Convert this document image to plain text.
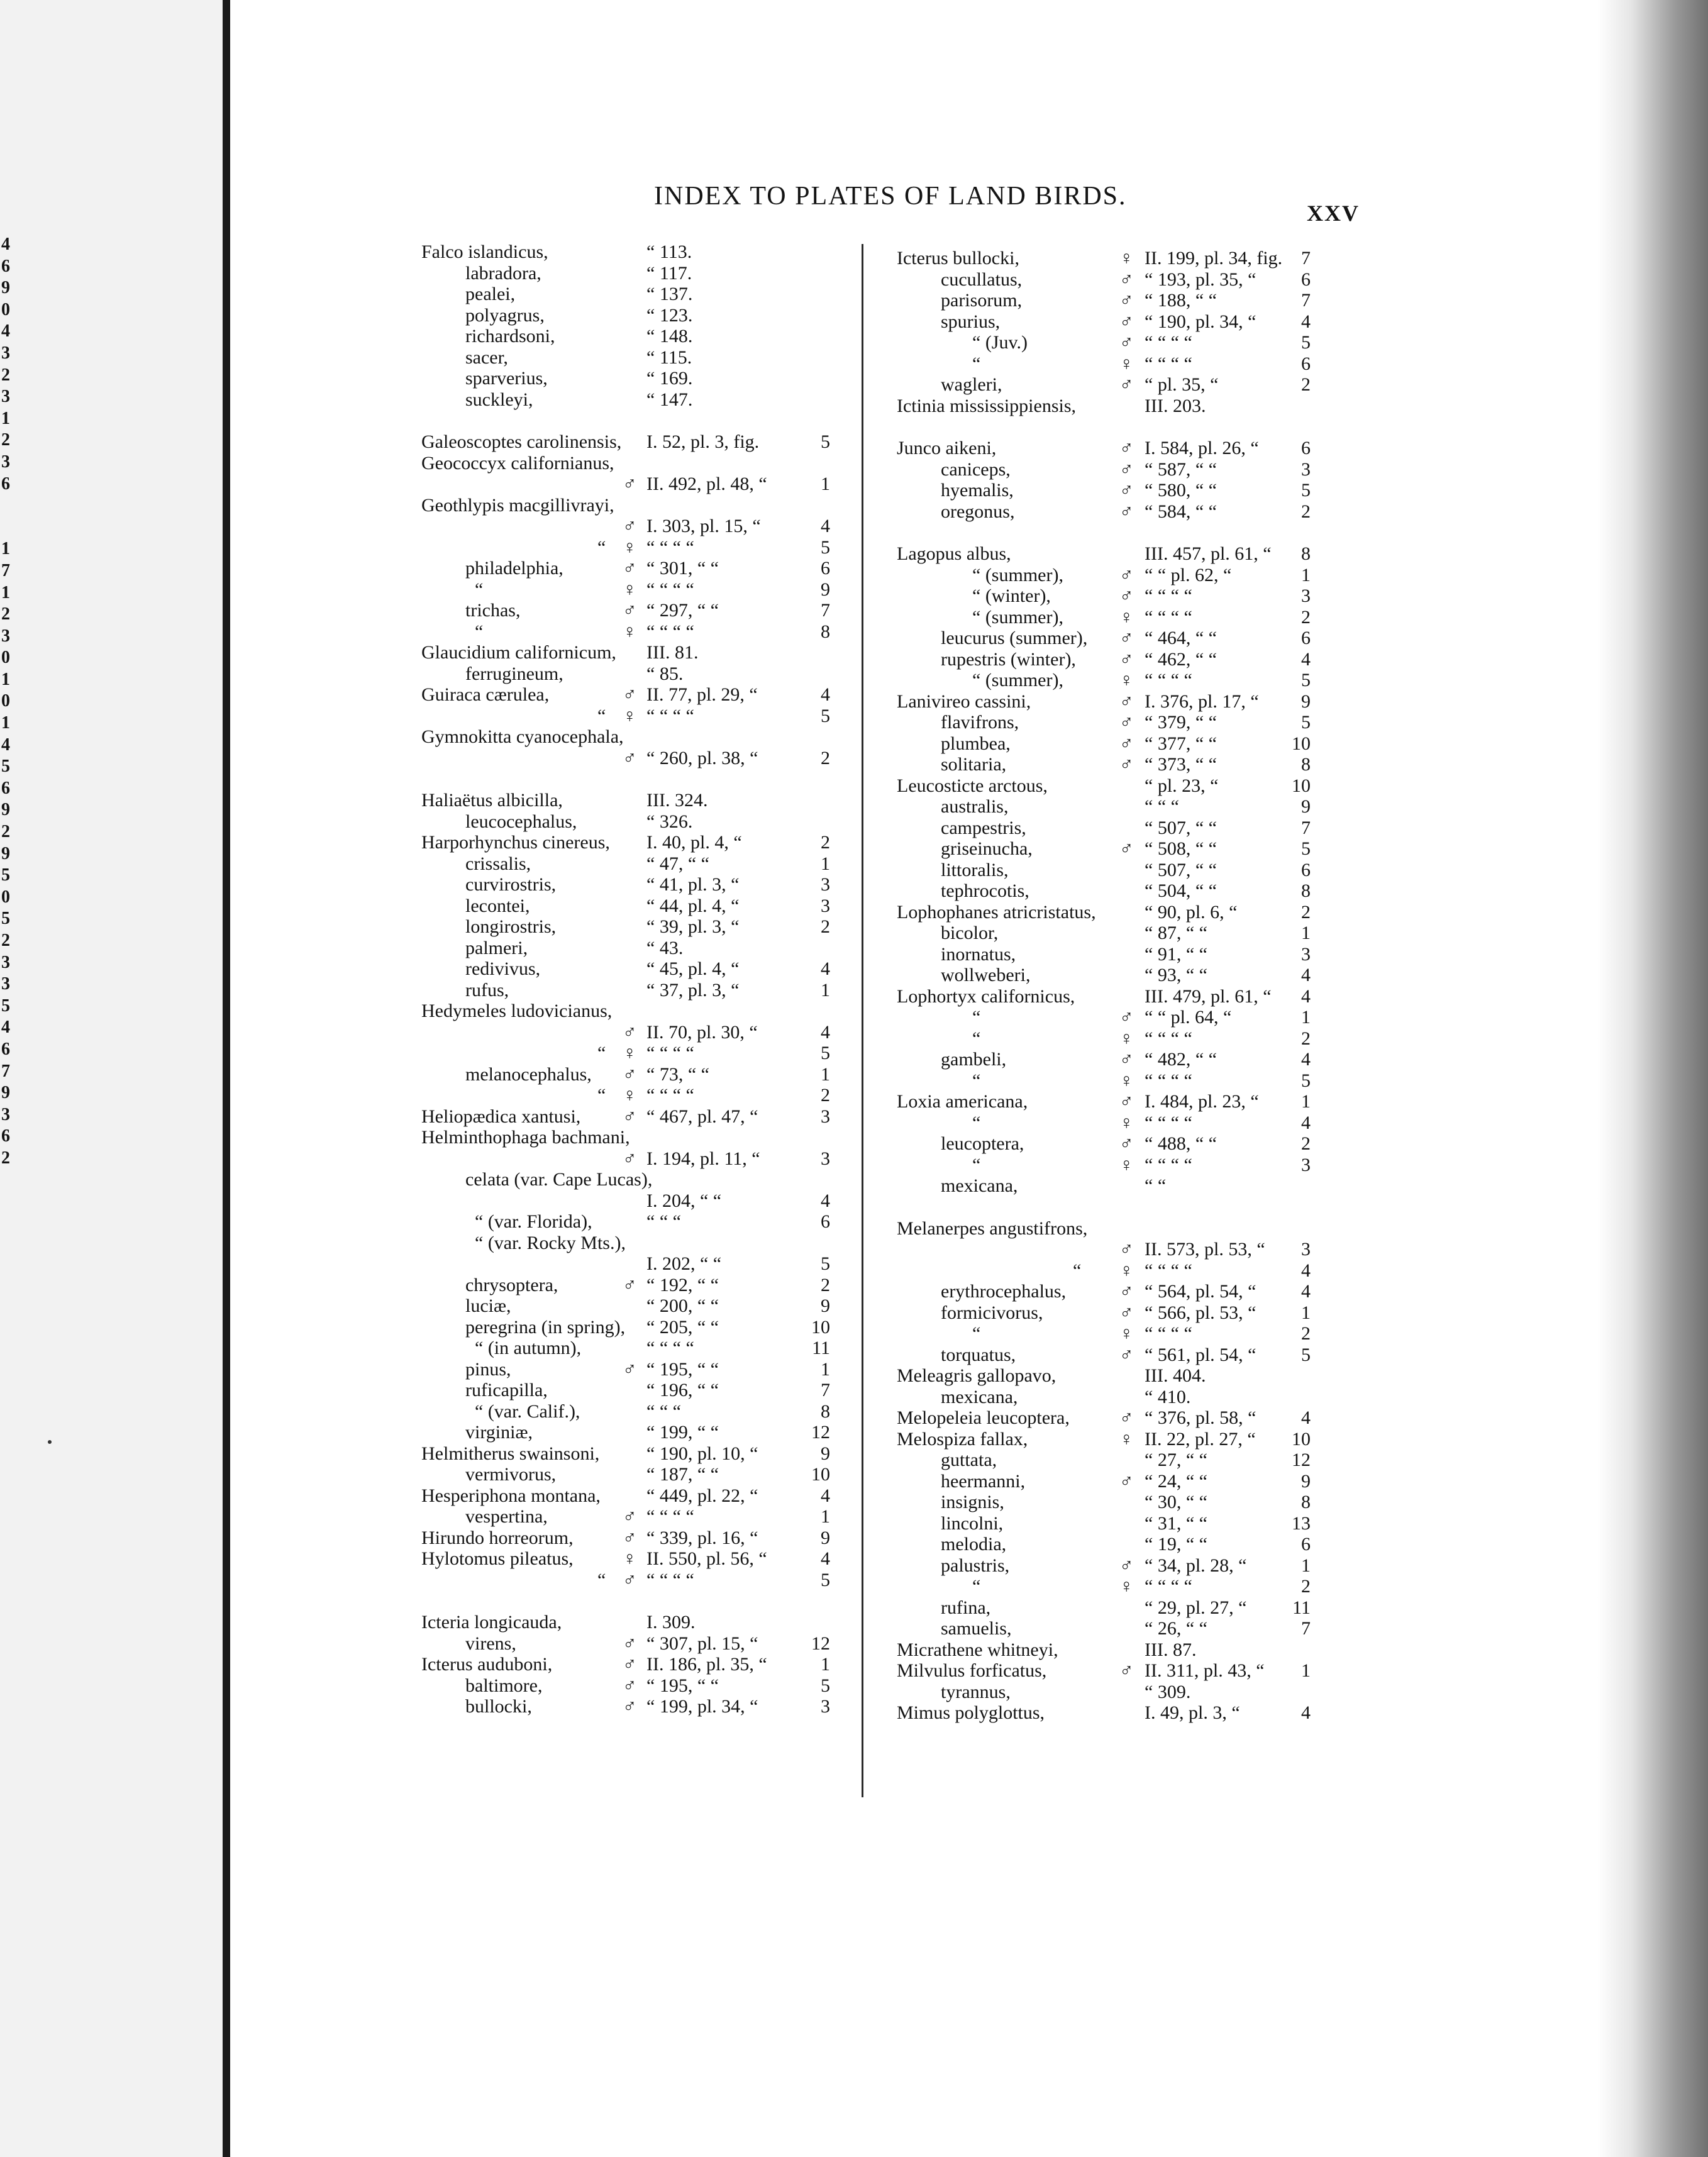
4
6
9
0
4
3
2
3
1
2
3
6
1
7
1
2
3
0
1
0
1
4
5
6
9
2
9
5
0
5
2
3
3
5
4
6
7
9
3
6
2
INDEX TO PLATES OF LAND BIRDS.
XXV
Falco islandicus,	“ 113.
labradora,	“ 117.
pealei,	“ 137.
polyagrus,	“ 123.
richardsoni,	“ 148.
sacer,	“ 115.
sparverius,	“ 169.
suckleyi,	“ 147.
Galeoscoptes carolinensis, I. 52, pl. 3, fig.	5
Geococcyx californianus,
♂ II. 492, pl. 48, “	1
Geothlypis macgillivrayi,
♂ I. 303, pl. 15, “	4
“ ♀ “ “ “ “	5
philadelphia,	♂ “ 301, “ “	6
“	♀ “ “ “ “	9
trichas,	♂ “ 297, “ “	7
“	♀ “ “ “ “	8
Glaucidium californicum, III. 81.
ferrugineum,	“ 85.
Guiraca cærulea,	♂ II. 77, pl. 29, “	4
“ ♀ “ “ “ “	5
Gymnokitta cyanocephala,
♂ “ 260, pl. 38, “	2
Haliaëtus albicilla,	III. 324.
leucocephalus,	“ 326.
Harporhynchus cinereus, I. 40, pl. 4, “	2
crissalis,	“ 47, “ “	1
curvirostris,	“ 41, pl. 3, “	3
lecontei,	“ 44, pl. 4, “	3
longirostris,	“ 39, pl. 3, “	2
palmeri,	“ 43.
redivivus,	“ 45, pl. 4, “	4
rufus,	“ 37, pl. 3, “	1
Hedymeles ludovicianus,
♂ II. 70, pl. 30, “	4
“ ♀ “ “ “ “	5
melanocephalus, ♂ “ 73, “ “	1
“ ♀ “ “ “ “	2
Heliopædica xantusi, ♂ “ 467, pl. 47, “	3
Helminthophaga bachmani,
♂ I. 194, pl. 11, “	3
celata (var. Cape Lucas),
I. 204, “ “	4
“ (var. Florida),	“ “ “	6
“ (var. Rocky Mts.),
I. 202, “ “	5
chrysoptera,	♂ “ 192, “ “	2
luciæ,	“ 200, “ “	9
peregrina (in spring), “ 205, “ “	10
“ (in autumn),	“ “ “ “	11
pinus,	♂ “ 195, “ “	1
ruficapilla,	“ 196, “ “	7
“ (var. Calif.),	“ “ “	8
virginiæ,	“ 199, “ “	12
Helmitherus swainsoni, “ 190, pl. 10, “	9
vermivorus,	“ 187, “ “	10
Hesperiphona montana, “ 449, pl. 22, “	4
vespertina,	♂ “ “ “ “	1
Hirundo horreorum,	♂ “ 339, pl. 16, “	9
Hylotomus pileatus,	♀ II. 550, pl. 56, “	4
“ ♂ “ “ “ “	5
Icteria longicauda,	I. 309.
virens,	♂ “ 307, pl. 15, “	12
Icterus auduboni,	♂ II. 186, pl. 35, “	1
baltimore,	♂ “ 195, “ “	5
bullocki,	♂ “ 199, pl. 34, “	3
Icterus bullocki,	♀ II. 199, pl. 34, fig. 7
cucullatus,	♂ “ 193, pl. 35, “	6
parisorum,	♂ “ 188, “ “	7
spurius,	♂ “ 190, pl. 34, “	4
“ (Juv.)	♂ “ “ “ “	5
“	♀ “ “ “ “	6
wagleri,	♂ “ pl. 35, “	2
Ictinia mississippiensis,	III. 203.
Junco aikeni,	♂ I. 584, pl. 26, “	6
caniceps,	♂ “ 587, “ “	3
hyemalis,	♂ “ 580, “ “	5
oregonus,	♂ “ 584, “ “	2
Lagopus albus,	III. 457, pl. 61, “	8
“ (summer),	♂ “ “ pl. 62, “	1
“ (winter),	♂ “ “ “ “	3
“ (summer),	♀ “ “ “ “	2
leucurus (summer), ♂ “ 464, “ “	6
rupestris (winter), ♂ “ 462, “ “	4
“ (summer),	♀ “ “ “ “	5
Lanivireo cassini,	♂ I. 376, pl. 17, “	9
flavifrons,	♂ “ 379, “ “	5
plumbea,	♂ “ 377, “ “	10
solitaria,	♂ “ 373, “ “	8
Leucosticte arctous,	“ pl. 23, “	10
australis,	“ “ “	9
campestris,	“ 507, “ “	7
griseinucha,	♂ “ 508, “ “	5
littoralis,	“ 507, “ “	6
tephrocotis,	“ 504, “ “	8
Lophophanes atricristatus,	“ 90, pl. 6, “	2
bicolor,	“ 87, “ “	1
inornatus,	“ 91, “ “	3
wollweberi,	“ 93, “ “	4
Lophortyx californicus,	III. 479, pl. 61, “	4
“	♂ “ “ pl. 64, “	1
“	♀ “ “ “ “	2
gambeli,	♂ “ 482, “ “	4
“	♀ “ “ “ “	5
Loxia americana,	♂ I. 484, pl. 23, “	1
“	♀ “ “ “ “	4
leucoptera,	♂ “ 488, “ “	2
“	♀ “ “ “ “	3
mexicana,	“ “
Melanerpes angustifrons,
♂ II. 573, pl. 53, “	3
“ ♀ “ “ “ “	4
erythrocephalus,	♂ “ 564, pl. 54, “	4
formicivorus,	♂ “ 566, pl. 53, “	1
“	♀ “ “ “ “	2
torquatus,	♂ “ 561, pl. 54, “	5
Meleagris gallopavo,	III. 404.
mexicana,	“ 410.
Melopeleia leucoptera,	♂ “ 376, pl. 58, “	4
Melospiza fallax,	♀ II. 22, pl. 27, “	10
guttata,	“ 27, “ “	12
heermanni,	♂ “ 24, “ “	9
insignis,	“ 30, “ “	8
lincolni,	“ 31, “ “	13
melodia,	“ 19, “ “	6
palustris,	♂ “ 34, pl. 28, “	1
“	♀ “ “ “ “	2
rufina,	“ 29, pl. 27, “	11
samuelis,	“ 26, “ “	7
Micrathene whitneyi,	III. 87.
Milvulus forficatus,	♂ II. 311, pl. 43, “	1
tyrannus,	“ 309.
Mimus polyglottus,	I. 49, pl. 3, “	4
